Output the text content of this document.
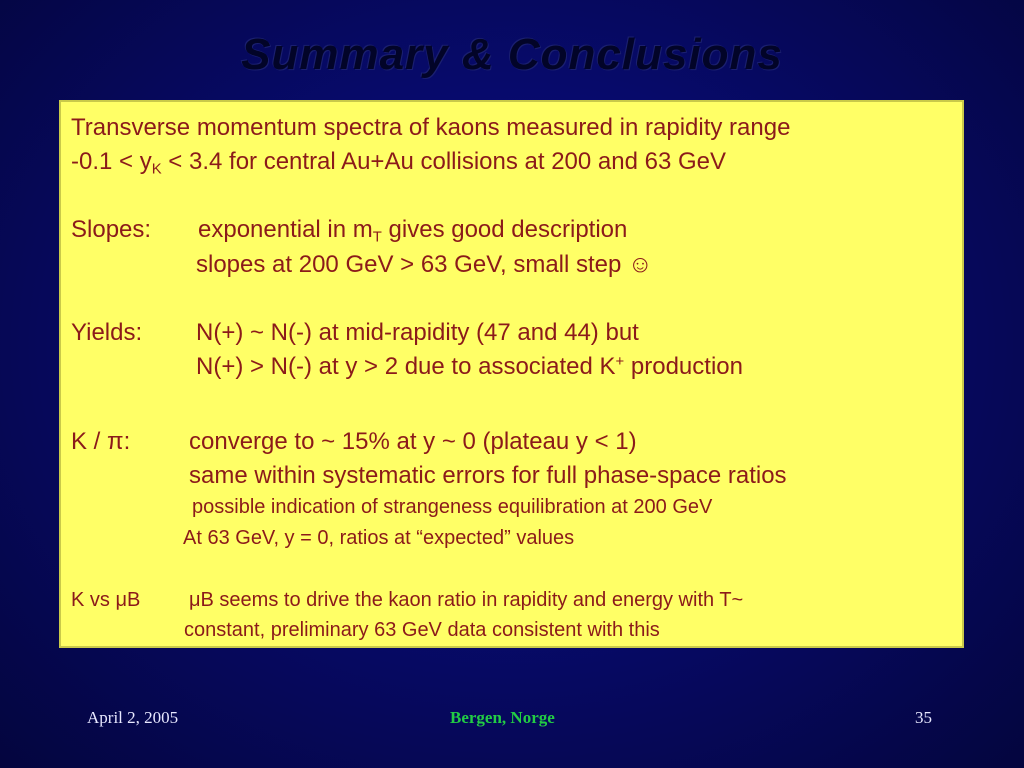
Summary & Conclusions
Transverse momentum spectra of kaons measured in rapidity range
$-0.1 < y_K < 3.4$ for central Au+Au collisions at 200 and 63 GeV
Slopes: exponential in $m_T$ gives good description
slopes at 200 GeV > 63 GeV, small step ☺
Yields: N(+) ~ N(-) at mid-rapidity (47 and 44) but
N(+) > N(-) at y > 2 due to associated K+ production
K / π: converge to ~ 15% at y ~ 0 (plateau y < 1)
same within systematic errors for full phase-space ratios
possible indication of strangeness equilibration at 200 GeV
At 63 GeV, y = 0, ratios at “expected” values
K vs μB μB seems to drive the kaon ratio in rapidity and energy with T~
constant, preliminary 63 GeV data consistent with this
April 2, 2005	Bergen, Norge	35
